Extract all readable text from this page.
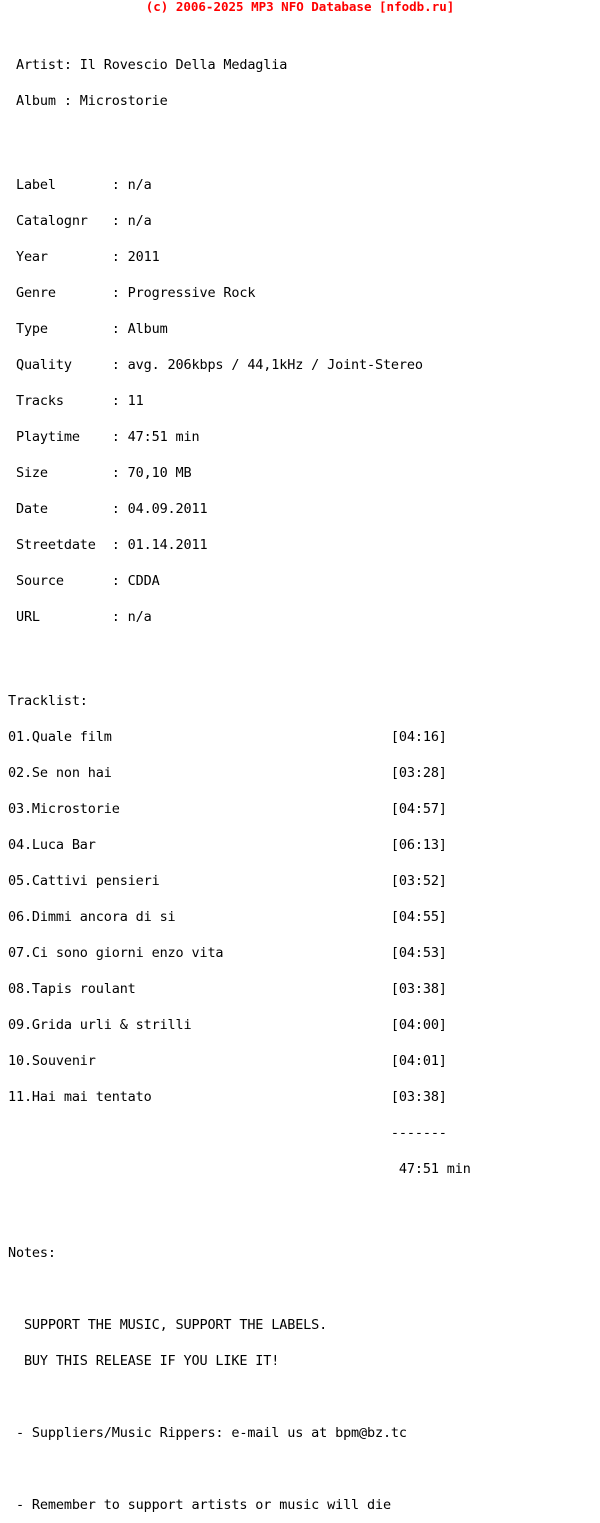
(c) 2006-2025 MP3 NFO Database [nfodb.ru]

Artist: Il Rovescio Della Medaglia

Album : Microstorie

Label       : n/a

Catalognr   : n/a

Year        : 2011

Genre       : Progressive Rock

Type        : Album

Quality     : avg. 206kbps / 44,1kHz / Joint-Stereo

Tracks      : 11

Playtime    : 47:51 min

Size        : 70,10 MB

Date        : 04.09.2011

Streetdate  : 01.14.2011

Source      : CDDA

URL         : n/a

Tracklist:

01.Quale film                                   [04:16]

02.Se non hai                                   [03:28]

03.Microstorie                                  [04:57]

04.Luca Bar                                     [06:13]

05.Cattivi pensieri                             [03:52]

06.Dimmi ancora di si                           [04:55]

07.Ci sono giorni enzo vita                     [04:53]

08.Tapis roulant                                [03:38]

09.Grida urli & strilli                         [04:00]

10.Souvenir                                     [04:01]

11.Hai mai tentato                              [03:38]

-------

47:51 min

Notes:

SUPPORT THE MUSIC, SUPPORT THE LABELS.

BUY THIS RELEASE IF YOU LIKE IT!

- Suppliers/Music Rippers: e-mail us at bpm@bz.tc

- Remember to support artists or music will die
